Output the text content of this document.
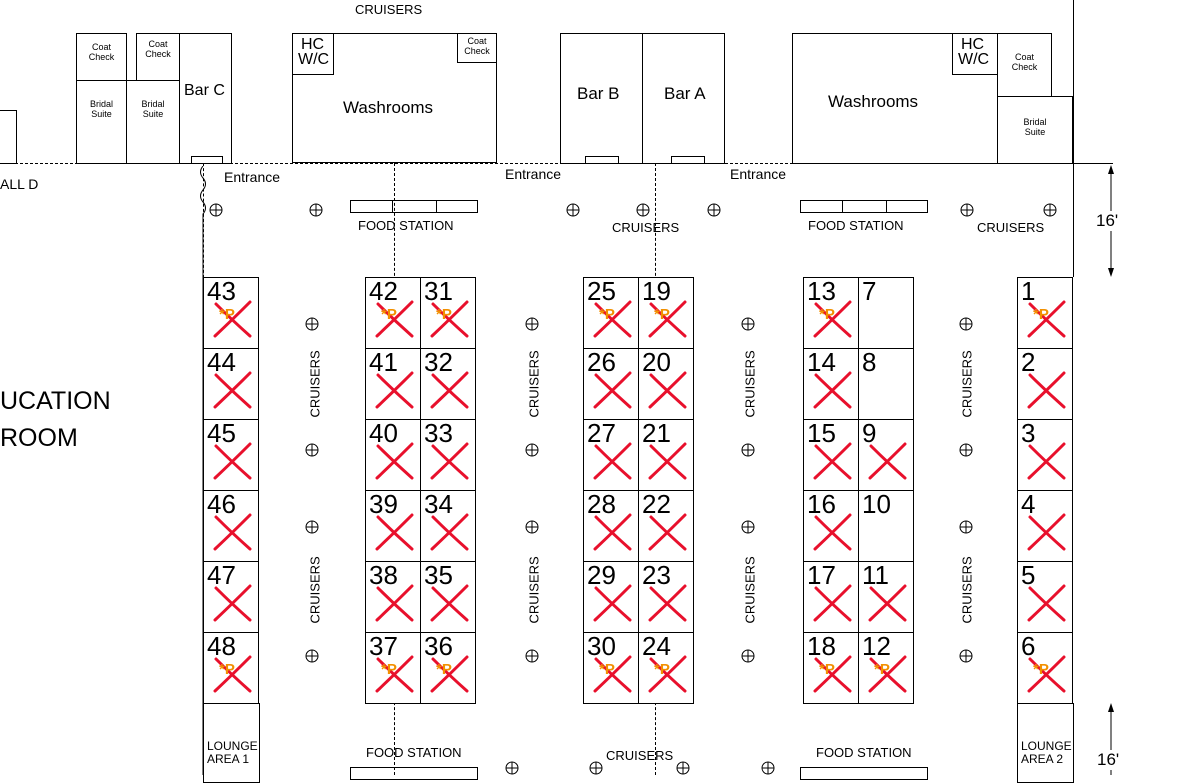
CRUISERS
Coat
Check
Coat
Check
Bridal
Suite
Bridal
Suite
Bar C
ALL D
Washrooms
HC
W/C
Coat
Check
Bar B	Bar A	Washrooms
HC
W/C	Coat
Check
Bridal
Suite
Entrance	Entrance	Entrance
FOOD STATION	FOOD STATION
CRUISERS	CRUISERS	16'
16'
UCATION
ROOM
CRUISERS
CRUISERS
CRUISERS
CRUISERS
CRUISERS
CRUISERS
CRUISERS
CRUISERS
43
*P
44
45
46
47
48
*P
42
*P
41
40
39
38
37
*P
31
*P
32
33
34
35
36
*P
25
*P
26
27
28
29
30
*P
19
*P
20
21
22
23
24
*P
13
*P
14
15
16
17
18
*P
7
8
9
10
11
12
*P
1
*P
2
3
4
5
6
*P
LOUNGE
AREA 1
LOUNGE
AREA 2
FOOD STATION	FOOD STATION
CRUISERS
